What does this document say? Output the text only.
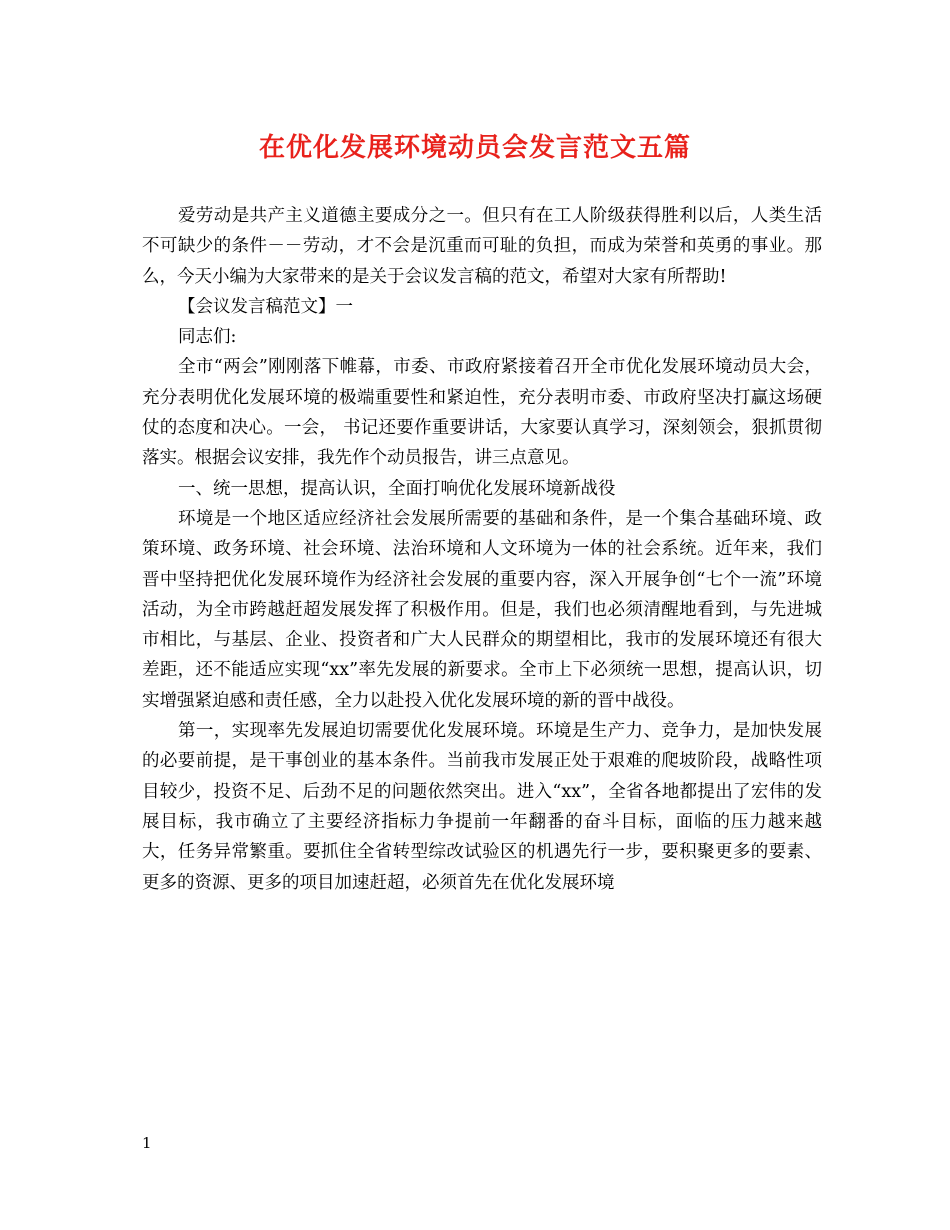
在优化发展环境动员会发言范文五篇

爱劳动是共产主义道德主要成分之一。但只有在工人阶级获得胜利以后，人类生活不可缺少的条件－－劳动，才不会是沉重而可耻的负担，而成为荣誉和英勇的事业。那么，今天小编为大家带来的是关于会议发言稿的范文，希望对大家有所帮助!

【会议发言稿范文】一

同志们:

全市“两会”刚刚落下帷幕，市委、市政府紧接着召开全市优化发展环境动员大会，充分表明优化发展环境的极端重要性和紧迫性，充分表明市委、市政府坚决打赢这场硬仗的态度和决心。一会， 书记还要作重要讲话，大家要认真学习，深刻领会，狠抓贯彻落实。根据会议安排，我先作个动员报告，讲三点意见。

一、统一思想，提高认识，全面打响优化发展环境新战役

环境是一个地区适应经济社会发展所需要的基础和条件，是一个集合基础环境、政策环境、政务环境、社会环境、法治环境和人文环境为一体的社会系统。近年来，我们晋中坚持把优化发展环境作为经济社会发展的重要内容，深入开展争创“七个一流”环境活动，为全市跨越赶超发展发挥了积极作用。但是，我们也必须清醒地看到，与先进城市相比，与基层、企业、投资者和广大人民群众的期望相比，我市的发展环境还有很大差距，还不能适应实现“xx”率先发展的新要求。全市上下必须统一思想，提高认识，切实增强紧迫感和责任感，全力以赴投入优化发展环境的新的晋中战役。

第一，实现率先发展迫切需要优化发展环境。环境是生产力、竞争力，是加快发展的必要前提，是干事创业的基本条件。当前我市发展正处于艰难的爬坡阶段，战略性项目较少，投资不足、后劲不足的问题依然突出。进入“xx”，全省各地都提出了宏伟的发展目标，我市确立了主要经济指标力争提前一年翻番的奋斗目标，面临的压力越来越大，任务异常繁重。要抓住全省转型综改试验区的机遇先行一步，要积聚更多的要素、更多的资源、更多的项目加速赶超，必须首先在优化发展环境

1
